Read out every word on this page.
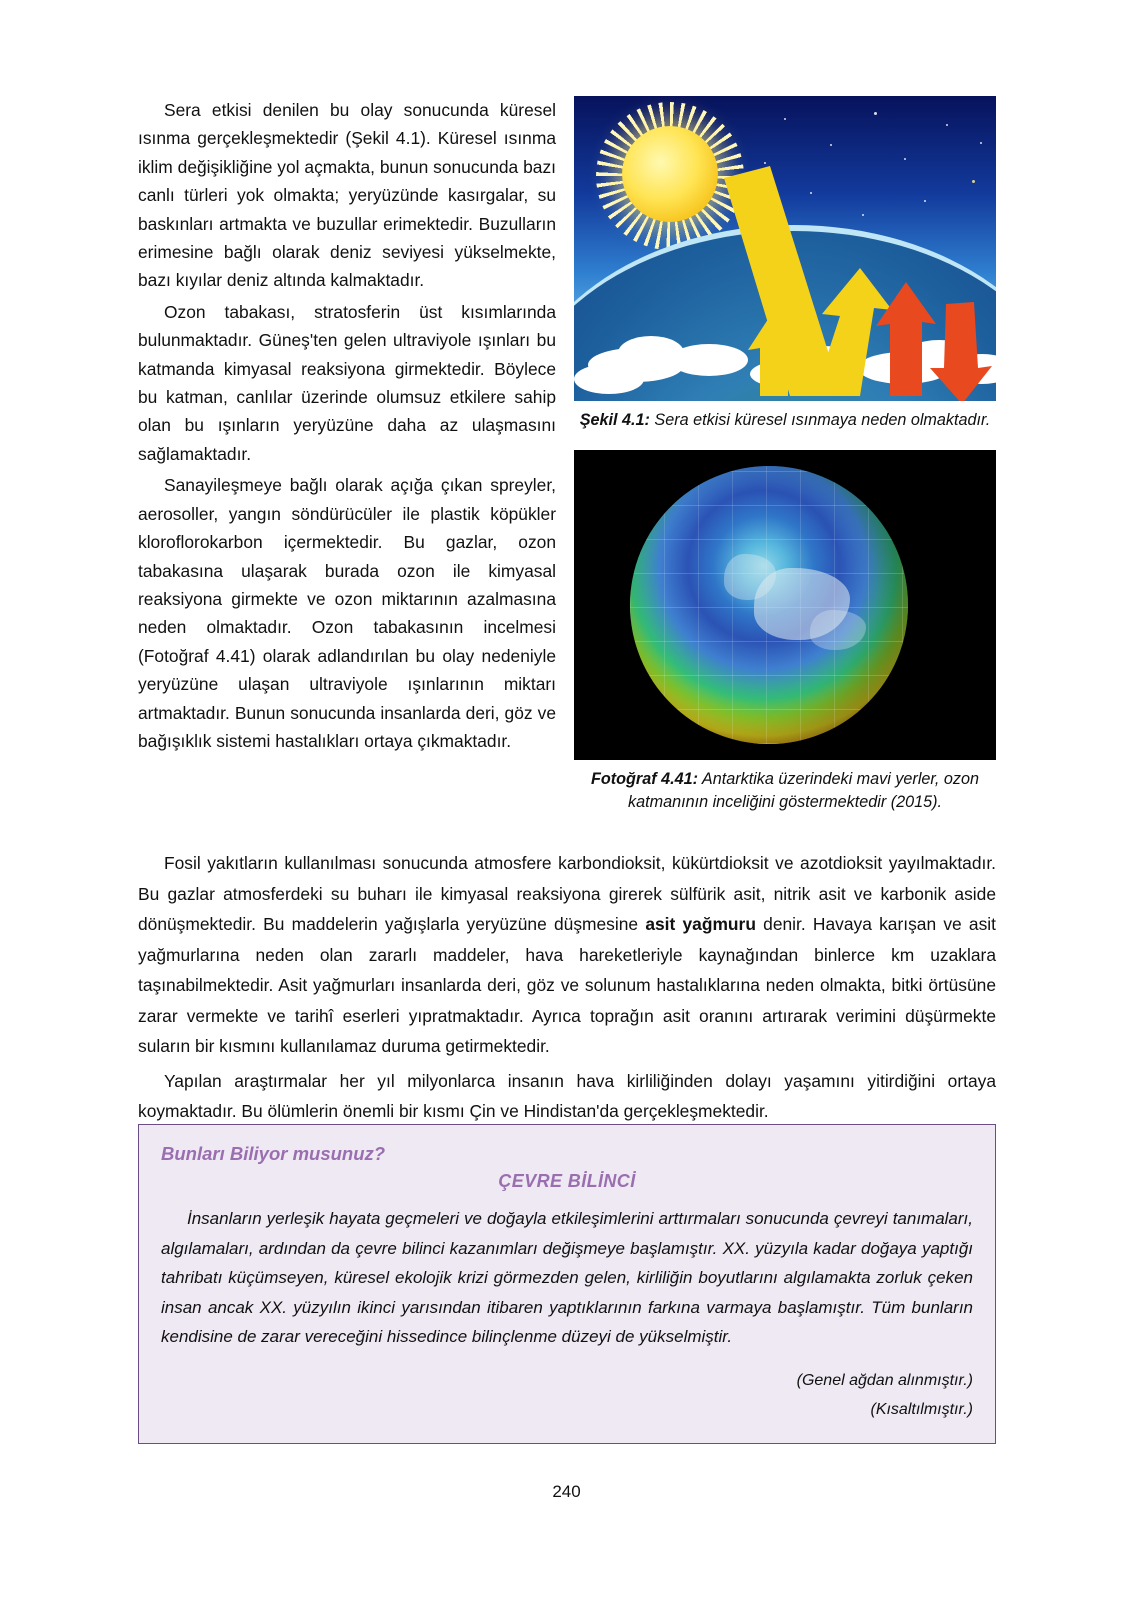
Şekil 4.1: Sera etkisi küresel ısınmaya neden olmaktadır.

Fotoğraf 4.41: Antarktika üzerindeki mavi yerler, ozon katmanının inceliğini göstermektedir (2015).

Sera etkisi denilen bu olay sonucunda küresel ısınma gerçekleşmektedir (Şekil 4.1). Küresel ısınma iklim değişikliğine yol açmakta, bunun sonucunda bazı canlı türleri yok olmakta; yeryüzünde kasırgalar, su baskınları artmakta ve buzullar erimektedir. Buzulların erimesine bağlı olarak deniz seviyesi yükselmekte, bazı kıyılar deniz altında kalmaktadır.

Ozon tabakası, stratosferin üst kısımlarında bulunmaktadır. Güneş'ten gelen ultraviyole ışınları bu katmanda kimyasal reaksiyona girmektedir. Böylece bu katman, canlılar üzerinde olumsuz etkilere sahip olan bu ışınların yeryüzüne daha az ulaşmasını sağlamaktadır.

Sanayileşmeye bağlı olarak açığa çıkan spreyler, aerosoller, yangın söndürücüler ile plastik köpükler kloroflorokarbon içermektedir. Bu gazlar, ozon tabakasına ulaşarak burada ozon ile kimyasal reaksiyona girmekte ve ozon miktarının azalmasına neden olmaktadır. Ozon tabakasının incelmesi (Fotoğraf 4.41) olarak adlandırılan bu olay nedeniyle yeryüzüne ulaşan ultraviyole ışınlarının miktarı artmaktadır. Bunun sonucunda insanlarda deri, göz ve bağışıklık sistemi hastalıkları ortaya çıkmaktadır.

Fosil yakıtların kullanılması sonucunda atmosfere karbondioksit, kükürtdioksit ve azotdioksit yayılmaktadır. Bu gazlar atmosferdeki su buharı ile kimyasal reaksiyona girerek sülfürik asit, nitrik asit ve karbonik aside dönüşmektedir. Bu maddelerin yağışlarla yeryüzüne düşmesine asit yağmuru denir. Havaya karışan ve asit yağmurlarına neden olan zararlı maddeler, hava hareketleriyle kaynağından binlerce km uzaklara taşınabilmektedir. Asit yağmurları insanlarda deri, göz ve solunum hastalıklarına neden olmakta, bitki örtüsüne zarar vermekte ve tarihî eserleri yıpratmaktadır. Ayrıca toprağın asit oranını artırarak verimini düşürmekte suların bir kısmını kullanılamaz duruma getirmektedir.

Yapılan araştırmalar her yıl milyonlarca insanın hava kirliliğinden dolayı yaşamını yitirdiğini ortaya koymaktadır. Bu ölümlerin önemli bir kısmı Çin ve Hindistan'da gerçekleşmektedir.

Bunları Biliyor musunuz?

ÇEVRE BİLİNCİ

İnsanların yerleşik hayata geçmeleri ve doğayla etkileşimlerini arttırmaları sonucunda çevreyi tanımaları, algılamaları, ardından da çevre bilinci kazanımları değişmeye başlamıştır. XX. yüzyıla kadar doğaya yaptığı tahribatı küçümseyen, küresel ekolojik krizi görmezden gelen, kirliliğin boyutlarını algılamakta zorluk çeken insan ancak XX. yüzyılın ikinci yarısından itibaren yaptıklarının farkına varmaya başlamıştır. Tüm bunların kendisine de zarar vereceğini hissedince bilinçlenme düzeyi de yükselmiştir.

(Genel ağdan alınmıştır.)
(Kısaltılmıştır.)
240
